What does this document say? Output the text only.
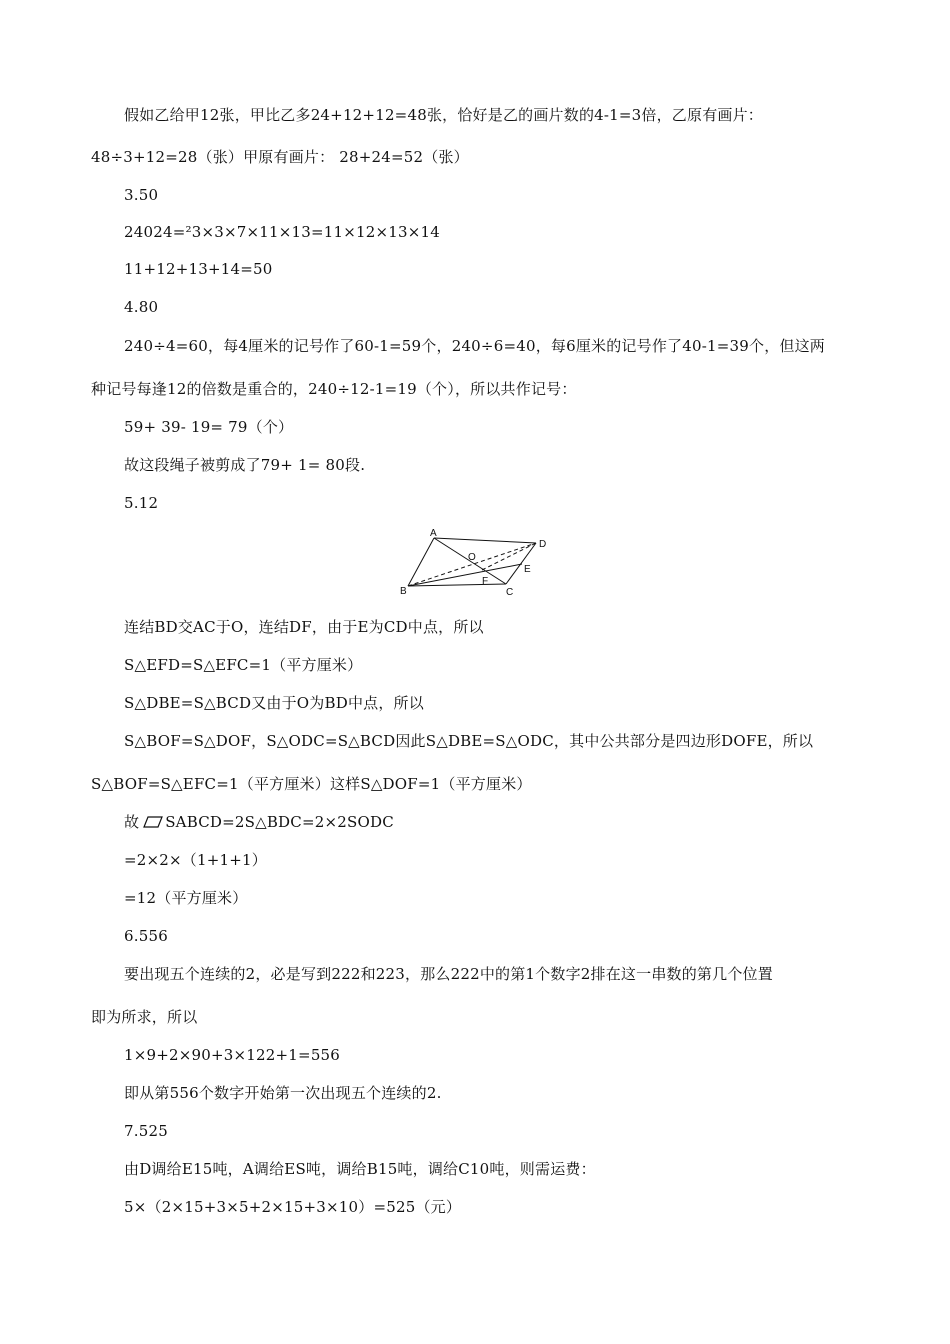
假如乙给甲12张，甲比乙多24+12+12=48张，恰好是乙的画片数的4-1=3倍，乙原有画片：
48÷3+12=28（张）甲原有画片： 28+24=52（张）
3.50
24024=²3×3×7×11×13=11×12×13×14
11+12+13+14=50
4.80
240÷4=60，每4厘米的记号作了60-1=59个，240÷6=40，每6厘米的记号作了40-1=39个，但这两
种记号每逢12的倍数是重合的，240÷12-1=19（个），所以共作记号：
59+ 39- 19= 79（个）
故这段绳子被剪成了79+ 1= 80段.
5.12
A
D
O
F
E
B	C
连结BD交AC于O，连结DF，由于E为CD中点，所以
S△EFD=S△EFC=1（平方厘米）
S△DBE=S△BCD又由于O为BD中点，所以
S△BOF=S△DOF，S△ODC=S△BCD因此S△DBE=S△ODC，其中公共部分是四边形DOFE，所以
S△BOF=S△EFC=1（平方厘米）这样S△DOF=1（平方厘米）
故 SABCD=2S△BDC=2×2SODC
=2×2×（1+1+1）
=12（平方厘米）
6.556
要出现五个连续的2，必是写到222和223，那么222中的第1个数字2排在这一串数的第几个位置
即为所求，所以
1×9+2×90+3×122+1=556
即从第556个数字开始第一次出现五个连续的2.
7.525
由D调给E15吨，A调给ES吨，调给B15吨，调给C10吨，则需运费：
5×（2×15+3×5+2×15+3×10）=525（元）
